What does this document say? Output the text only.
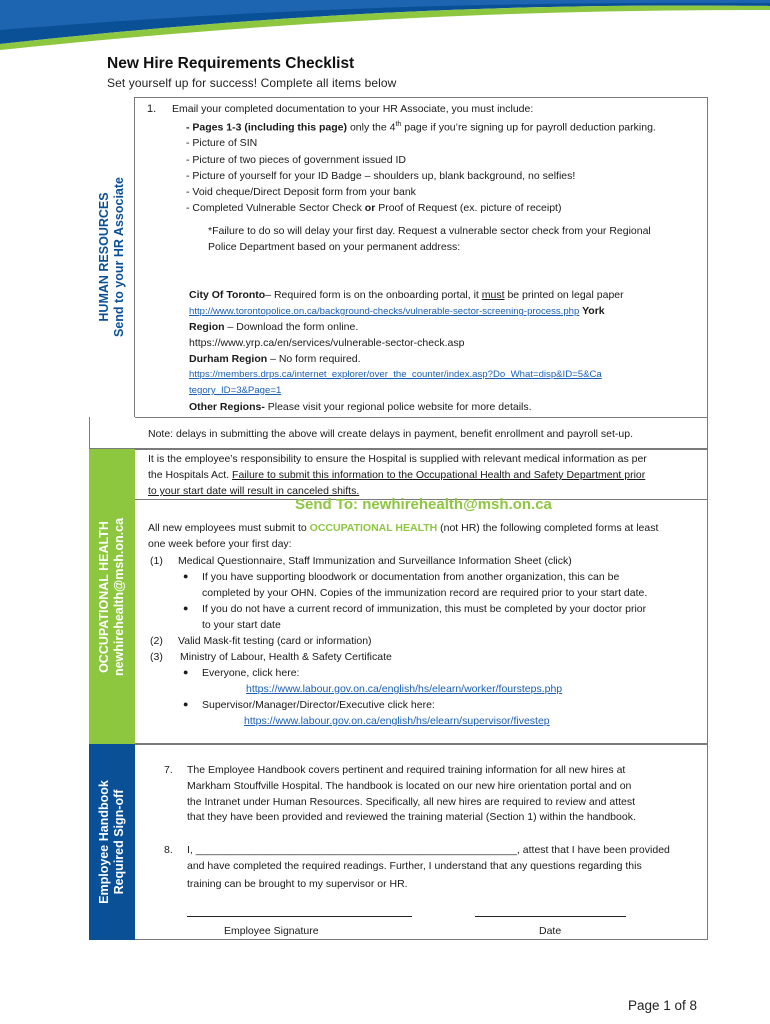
New Hire Requirements Checklist
Set yourself up for success! Complete all items below
HUMAN RESOURCES Send to your HR Associate
OCCUPATIONAL HEALTH newhirehealth@msh.on.ca
Employee Handbook Required Sign-off
1. Email your completed documentation to your HR Associate, you must include:
- Pages 1-3 (including this page) only the 4th page if you’re signing up for payroll deduction parking.
- Picture of SIN
- Picture of two pieces of government issued ID
- Picture of yourself for your ID Badge – shoulders up, blank background, no selfies!
- Void cheque/Direct Deposit form from your bank
- Completed Vulnerable Sector Check or Proof of Request (ex. picture of receipt)
*Failure to do so will delay your first day. Request a vulnerable sector check from your Regional
Police Department based on your permanent address:
City Of Toronto– Required form is on the onboarding portal, it must be printed on legal paper
http://www.torontopolice.on.ca/background-checks/vulnerable-sector-screening-process.php York
Region – Download the form online.
https://www.yrp.ca/en/services/vulnerable-sector-check.asp
Durham Region – No form required.
https://members.drps.ca/internet_explorer/over_the_counter/index.asp?Do_What=disp&ID=5&Ca
tegory_ID=3&Page=1
Other Regions- Please visit your regional police website for more details.
Note: delays in submitting the above will create delays in payment, benefit enrollment and payroll set-up.
It is the employee’s responsibility to ensure the Hospital is supplied with relevant medical information as per
the Hospitals Act. Failure to submit this information to the Occupational Health and Safety Department prior
to your start date will result in canceled shifts.
Send To: newhirehealth@msh.on.ca
All new employees must submit to OCCUPATIONAL HEALTH (not HR) the following completed forms at least
one week before your first day:
(1) Medical Questionnaire, Staff Immunization and Surveillance Information Sheet (click)
● If you have supporting bloodwork or documentation from another organization, this can be
completed by your OHN. Copies of the immunization record are required prior to your start date.
● If you do not have a current record of immunization, this must be completed by your doctor prior
to your start date
(2) Valid Mask-fit testing (card or information)
(3) Ministry of Labour, Health & Safety Certificate
● Everyone, click here:
https://www.labour.gov.on.ca/english/hs/elearn/worker/foursteps.php
● Supervisor/Manager/Director/Executive click here:
https://www.labour.gov.on.ca/english/hs/elearn/supervisor/fivestep
7. The Employee Handbook covers pertinent and required training information for all new hires at
Markham Stouffville Hospital. The handbook is located on our new hire orientation portal and on
the Intranet under Human Resources. Specifically, all new hires are required to review and attest
that they have been provided and reviewed the training material (Section 1) within the handbook.
8. I, _______________________________________________________, attest that I have been provided
and have completed the required readings. Further, I understand that any questions regarding this
training can be brought to my supervisor or HR.
Employee Signature	Date
Page 1 of 8
